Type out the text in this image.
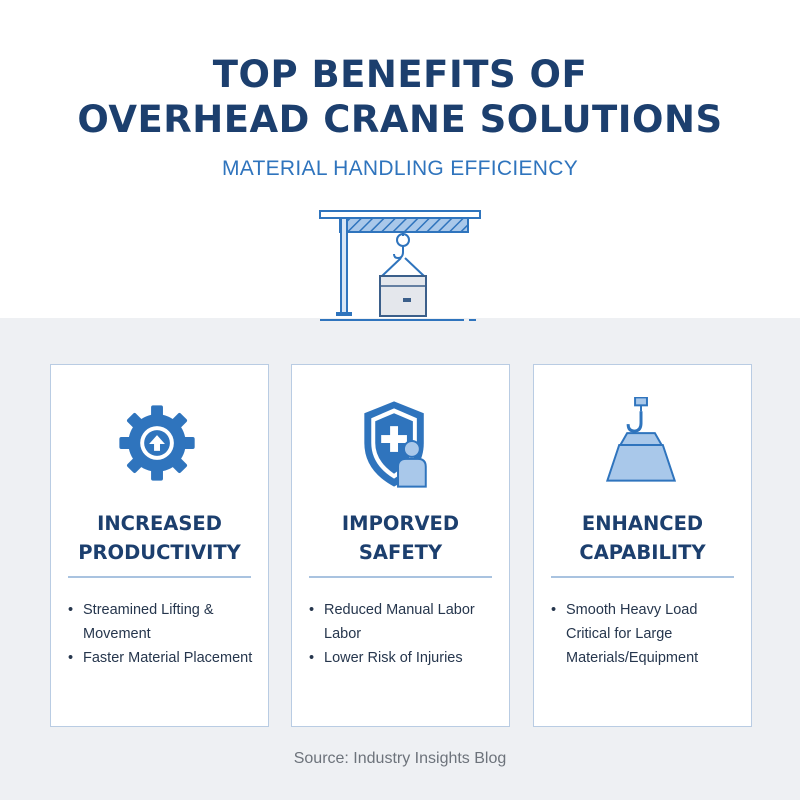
TOP BENEFITS OF
OVERHEAD CRANE SOLUTIONS
MATERIAL HANDLING EFFICIENCY
INCREASED
PRODUCTIVITY
• Streamined Lifting &
Movement
• Faster Material Placement
IMPORVED
SAFETY
• Reduced Manual Labor
Labor
• Lower Risk of Injuries
ENHANCED
CAPABILITY
• Smooth Heavy Load
Critical for Large
Materials/Equipment
Source: Industry Insights Blog
